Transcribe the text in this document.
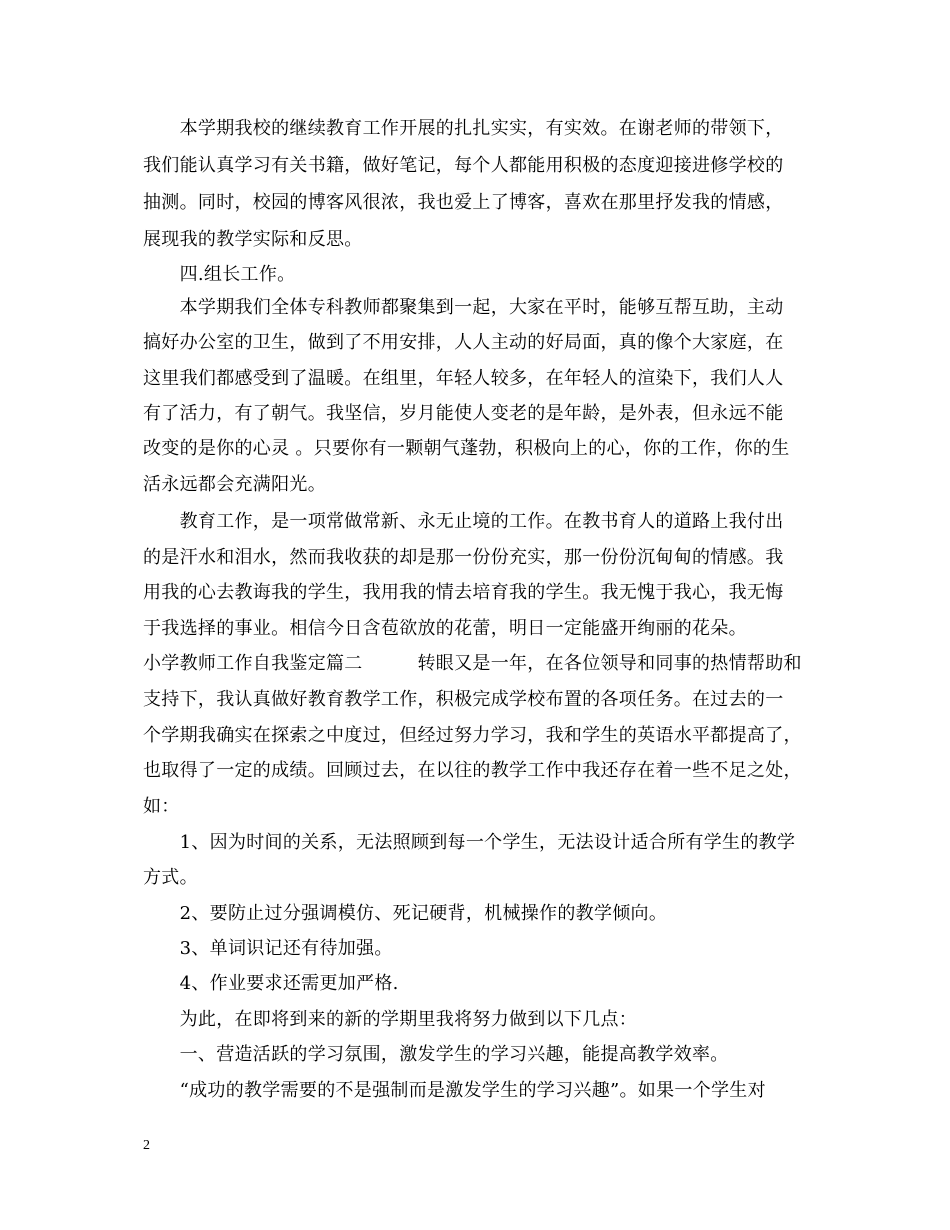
　　本学期我校的继续教育工作开展的扎扎实实，有实效。在谢老师的带领下，
我们能认真学习有关书籍，做好笔记，每个人都能用积极的态度迎接进修学校的
抽测。同时，校园的博客风很浓，我也爱上了博客，喜欢在那里抒发我的情感，
展现我的教学实际和反思。
　　四.组长工作。
　　本学期我们全体专科教师都聚集到一起，大家在平时，能够互帮互助，主动
搞好办公室的卫生，做到了不用安排，人人主动的好局面，真的像个大家庭，在
这里我们都感受到了温暖。在组里，年轻人较多，在年轻人的渲染下，我们人人
有了活力，有了朝气。我坚信，岁月能使人变老的是年龄，是外表，但永远不能
改变的是你的心灵 。只要你有一颗朝气蓬勃，积极向上的心，你的工作，你的生
活永远都会充满阳光。
　　教育工作，是一项常做常新、永无止境的工作。在教书育人的道路上我付出
的是汗水和泪水，然而我收获的却是那一份份充实，那一份份沉甸甸的情感。我
用我的心去教诲我的学生，我用我的情去培育我的学生。我无愧于我心，我无悔
于我选择的事业。相信今日含苞欲放的花蕾，明日一定能盛开绚丽的花朵。
小学教师工作自我鉴定篇二　　　转眼又是一年，在各位领导和同事的热情帮助和
支持下，我认真做好教育教学工作，积极完成学校布置的各项任务。在过去的一
个学期我确实在探索之中度过，但经过努力学习，我和学生的英语水平都提高了，
也取得了一定的成绩。回顾过去，在以往的教学工作中我还存在着一些不足之处，
如：
　　1、因为时间的关系，无法照顾到每一个学生，无法设计适合所有学生的教学
方式。
　　2、要防止过分强调模仿、死记硬背，机械操作的教学倾向。
　　3、单词识记还有待加强。
　　4、作业要求还需更加严格.
　　为此，在即将到来的新的学期里我将努力做到以下几点：
　　一、营造活跃的学习氛围，激发学生的学习兴趣，能提高教学效率。
　　“成功的教学需要的不是强制而是激发学生的学习兴趣”。如果一个学生对
2
